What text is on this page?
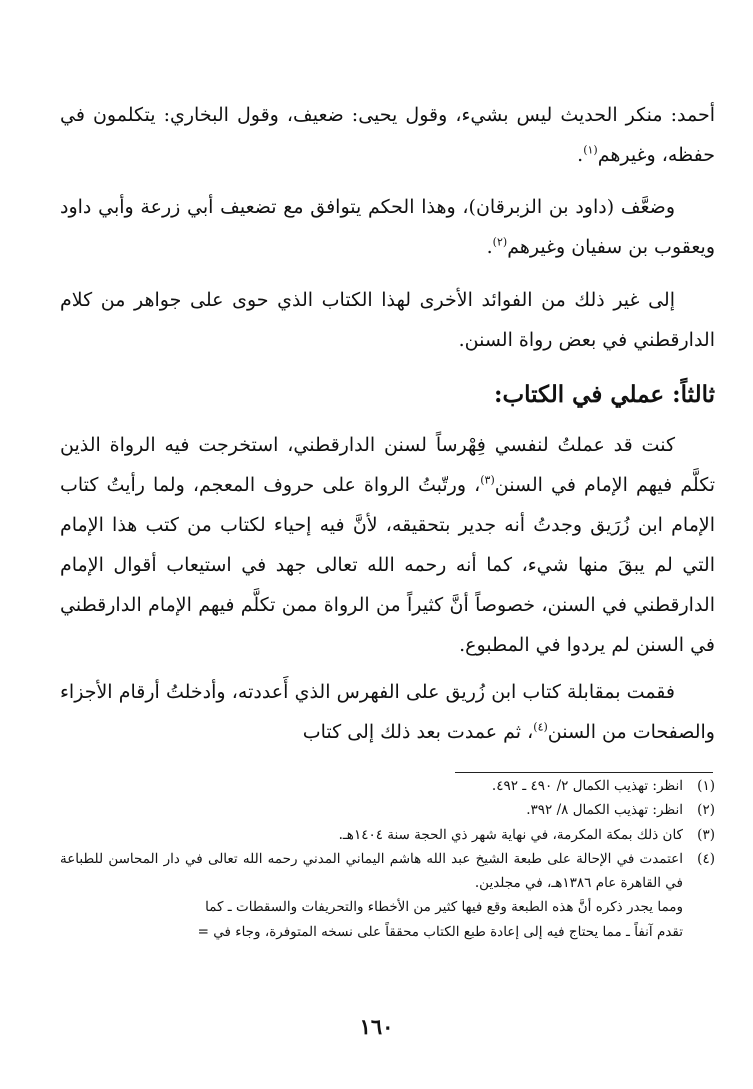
أحمد: منكر الحديث ليس بشيء، وقول يحيى: ضعيف، وقول البخاري: يتكلمون في حفظه، وغيرهم$^{(١)}$.

وضعَّف (داود بن الزبرقان)، وهذا الحكم يتوافق مع تضعيف أبي زرعة وأبي داود ويعقوب بن سفيان وغيرهم$^{(٢)}$.

إلى غير ذلك من الفوائد الأخرى لهذا الكتاب الذي حوى على جواهر من كلام الدارقطني في بعض رواة السنن.

ثالثاً: عملي في الكتاب:

كنت قد عملتُ لنفسي فِهْرساً لسنن الدارقطني، استخرجت فيه الرواة الذين تكلَّم فيهم الإمام في السنن$^{(٣)}$، ورتّبتُ الرواة على حروف المعجم، ولما رأيتُ كتاب الإمام ابن زُرَيق وجدتُ أنه جدير بتحقيقه، لأنَّ فيه إحياء لكتاب من كتب هذا الإمام التي لم يبقَ منها شيء، كما أنه رحمه الله تعالى جهد في استيعاب أقوال الإمام الدارقطني في السنن، خصوصاً أنَّ كثيراً من الرواة ممن تكلَّم فيهم الإمام الدارقطني في السنن لم يردوا في المطبوع.

فقمت بمقابلة كتاب ابن زُريق على الفهرس الذي أَعددته، وأدخلتُ أرقام الأجزاء والصفحات من السنن$^{(٤)}$، ثم عمدت بعد ذلك إلى كتاب

(١)
انظر: تهذيب الكمال ٢/ ٤٩٠ ـ ٤٩٢.
(٢)
انظر: تهذيب الكمال ٨/ ٣٩٢.
(٣)
كان ذلك بمكة المكرمة، في نهاية شهر ذي الحجة سنة ١٤٠٤هـ.
(٤)
اعتمدت في الإحالة على طبعة الشيخ عبد الله هاشم اليماني المدني رحمه الله تعالى في دار المحاسن للطباعة في القاهرة عام ١٣٨٦هـ، في مجلدين.

ومما يجدر ذكره أنَّ هذه الطبعة وقع فيها كثير من الأخطاء والتحريفات والسقطات ـ كما

تقدم آنفاً ـ مما يحتاج فيه إلى إعادة طبع الكتاب محققاً على نسخه المتوفرة، وجاء في =

١٦٠
